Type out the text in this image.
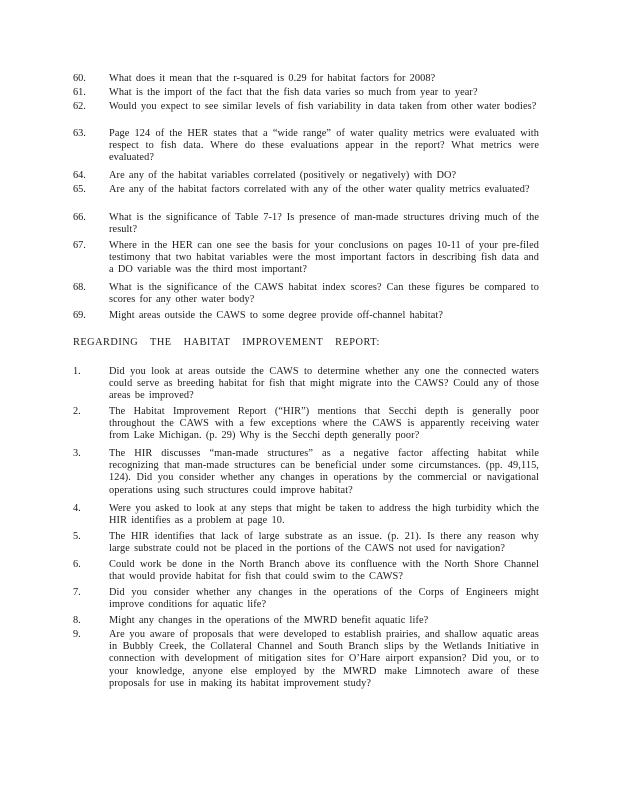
60.	What does it mean that the r-squared is 0.29 for habitat factors for 2008?
61.	What is the import of the fact that the fish data varies so much from year to year?
62.	Would you expect to see similar levels of fish variability in data taken from other water bodies?
63.	Page 124 of the HER states that a “wide range” of water quality metrics were evaluated with respect to fish data. Where do these evaluations appear in the report? What metrics were evaluated?
64.	Are any of the habitat variables correlated (positively or negatively) with DO?
65.	Are any of the habitat factors correlated with any of the other water quality metrics evaluated?
66.	What is the significance of Table 7-1? Is presence of man-made structures driving much of the result?
67.	Where in the HER can one see the basis for your conclusions on pages 10-11 of your pre-filed testimony that two habitat variables were the most important factors in describing fish data and a DO variable was the third most important?
68.	What is the significance of the CAWS habitat index scores? Can these figures be compared to scores for any other water body?
69.	Might areas outside the CAWS to some degree provide off-channel habitat?
REGARDING THE HABITAT IMPROVEMENT REPORT:
1.	Did you look at areas outside the CAWS to determine whether any one the connected waters could serve as breeding habitat for fish that might migrate into the CAWS? Could any of those areas be improved?
2.	The Habitat Improvement Report (“HIR”) mentions that Secchi depth is generally poor throughout the CAWS with a few exceptions where the CAWS is apparently receiving water from Lake Michigan. (p. 29) Why is the Secchi depth generally poor?
3.	The HIR discusses “man-made structures” as a negative factor affecting habitat while recognizing that man-made structures can be beneficial under some circumstances. (pp. 49,115, 124). Did you consider whether any changes in operations by the commercial or navigational operations using such structures could improve habitat?
4.	Were you asked to look at any steps that might be taken to address the high turbidity which the HIR identifies as a problem at page 10.
5.	The HIR identifies that lack of large substrate as an issue. (p. 21). Is there any reason why large substrate could not be placed in the portions of the CAWS not used for navigation?
6.	Could work be done in the North Branch above its confluence with the North Shore Channel that would provide habitat for fish that could swim to the CAWS?
7.	Did you consider whether any changes in the operations of the Corps of Engineers might improve conditions for aquatic life?
8.	Might any changes in the operations of the MWRD benefit aquatic life?
9.	Are you aware of proposals that were developed to establish prairies, and shallow aquatic areas in Bubbly Creek, the Collateral Channel and South Branch slips by the Wetlands Initiative in connection with development of mitigation sites for O’Hare airport expansion? Did you, or to your knowledge, anyone else employed by the MWRD make Limnotech aware of these proposals for use in making its habitat improvement study?
